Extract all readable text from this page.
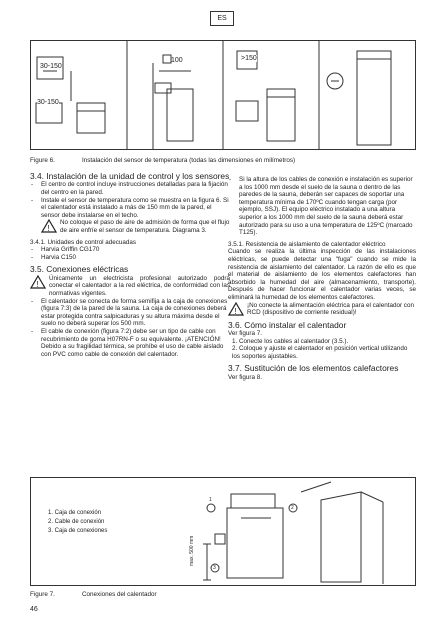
ES
30-150
30-150
100	>150
Figure 6.	Instalación del sensor de temperatura (todas las dimensiones en milímetros)
3.4. Instalación de la unidad de control y los sensores
- El centro de control incluye instrucciones detalladas para la fijación del centro en la pared.
- Instale el sensor de temperatura como se muestra en la figura 6. Si el calentador está instalado a más de 150 mm de la pared, el sensor debe instalarse en el techo.
!

No coloque el paso de aire de admisión de forma que el flujo de aire enfríe el sensor de temperatura. Diagrama 3.

3.4.1. Unidades de control adecuadas

- Harvia Griffin CG170
- Harvia C150
3.5. Conexiones eléctricas
!

Únicamente un electricista profesional autorizado podrá conectar el calentador a la red eléctrica, de conformidad con las normativas vigentes.

- El calentador se conecta de forma semifija a la caja de conexiones (figura 7:3) de la pared de la sauna. La caja de conexiones deberá estar protegida contra salpicaduras y su altura máxima desde el suelo no deberá superar los 500 mm.
- El cable de conexión (figura 7:2) debe ser un tipo de cable con recubrimiento de goma H07RN-F o su equivalente. ¡ATENCIÓN! Debido a su fragilidad térmica, se prohíbe el uso de cable aislado con PVC como cable de conexión del calentador.
- Si la altura de los cables de conexión e instalación es superior a los 1000 mm desde el suelo de la sauna o dentro de las paredes de la sauna, deberán ser capaces de soportar una temperatura mínima de 170ºC cuando tengan carga (por ejemplo, SSJ). El equipo eléctrico instalado a una altura superior a los 1000 mm del suelo de la sauna deberá estar autorizado para su uso a una temperatura de 125ºC (marcado T125).

3.5.1. Resistencia de aislamiento de calentador eléctrico

Cuando se realiza la última inspección de las instalaciones eléctricas, se puede detectar una "fuga" cuando se mide la resistencia de aislamiento del calentador. La razón de ello es que el material de aislamiento de los elementos calefactores han absorbido la humedad del aire (almacenamiento, transporte). Después de hacer funcionar el calentador varias veces, se eliminará la humedad de los elementos calefactores.

!

¡No conecte la alimentación eléctrica para el calentador con RCD (dispositivo de corriente residual)!

3.6. Cómo instalar el calentador

Ver figura 7.

1. Conecte los cables al calentador (3.5.).
2. Coloque y ajuste el calentador en posición vertical utilizando los soportes ajustables.
3.7. Sustitución de los elementos calefactores

Ver figura 8.

1
2
3
max. 500 mm
1. Caja de conexión
2. Cable de conexión
3. Caja de conexiones
Figure 7.	Conexiones del calentador
46
